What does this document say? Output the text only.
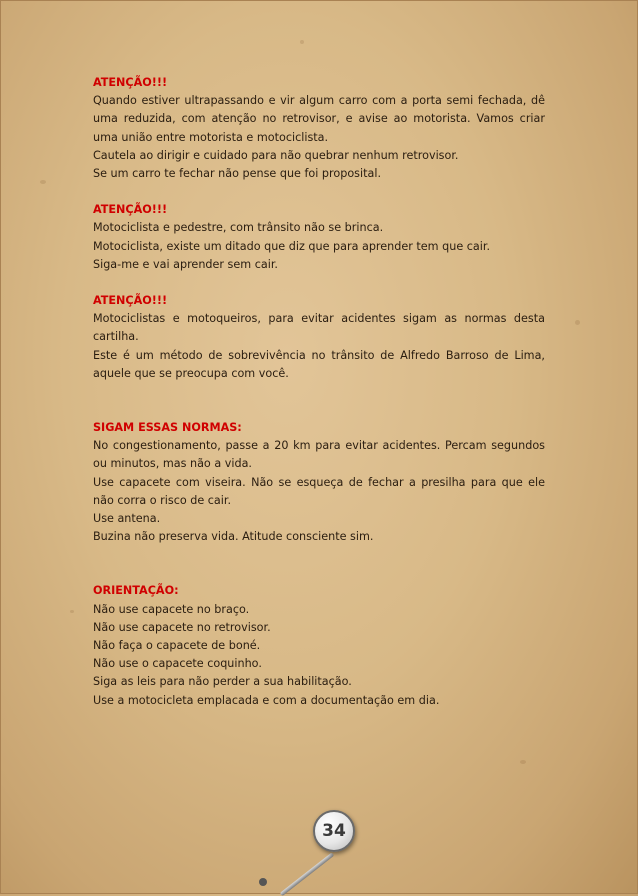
ATENÇÃO!!!

Quando estiver ultrapassando e vir algum carro com a porta semi fechada, dê uma reduzida, com atenção no retrovisor, e avise ao motorista. Vamos criar uma união entre motorista e motociclista.

Cautela ao dirigir e cuidado para não quebrar nenhum retrovisor.

Se um carro te fechar não pense que foi proposital.

ATENÇÃO!!!

Motociclista e pedestre, com trânsito não se brinca.

Motociclista, existe um ditado que diz que para aprender tem que cair.

Siga-me e vai aprender sem cair.

ATENÇÃO!!!

Motociclistas e motoqueiros, para evitar acidentes sigam as normas desta cartilha.

Este é um método de sobrevivência no trânsito de Alfredo Barroso de Lima, aquele que se preocupa com você.

SIGAM ESSAS NORMAS:

No congestionamento, passe a 20 km para evitar acidentes. Percam segundos ou minutos, mas não a vida.

Use capacete com viseira. Não se esqueça de fechar a presilha para que ele não corra o risco de cair.

Use antena.

Buzina não preserva vida. Atitude consciente sim.

ORIENTAÇÃO:

Não use capacete no braço.

Não use capacete no retrovisor.

Não faça o capacete de boné.

Não use o capacete coquinho.

Siga as leis para não perder a sua habilitação.

Use a motocicleta emplacada e com a documentação em dia.

34
